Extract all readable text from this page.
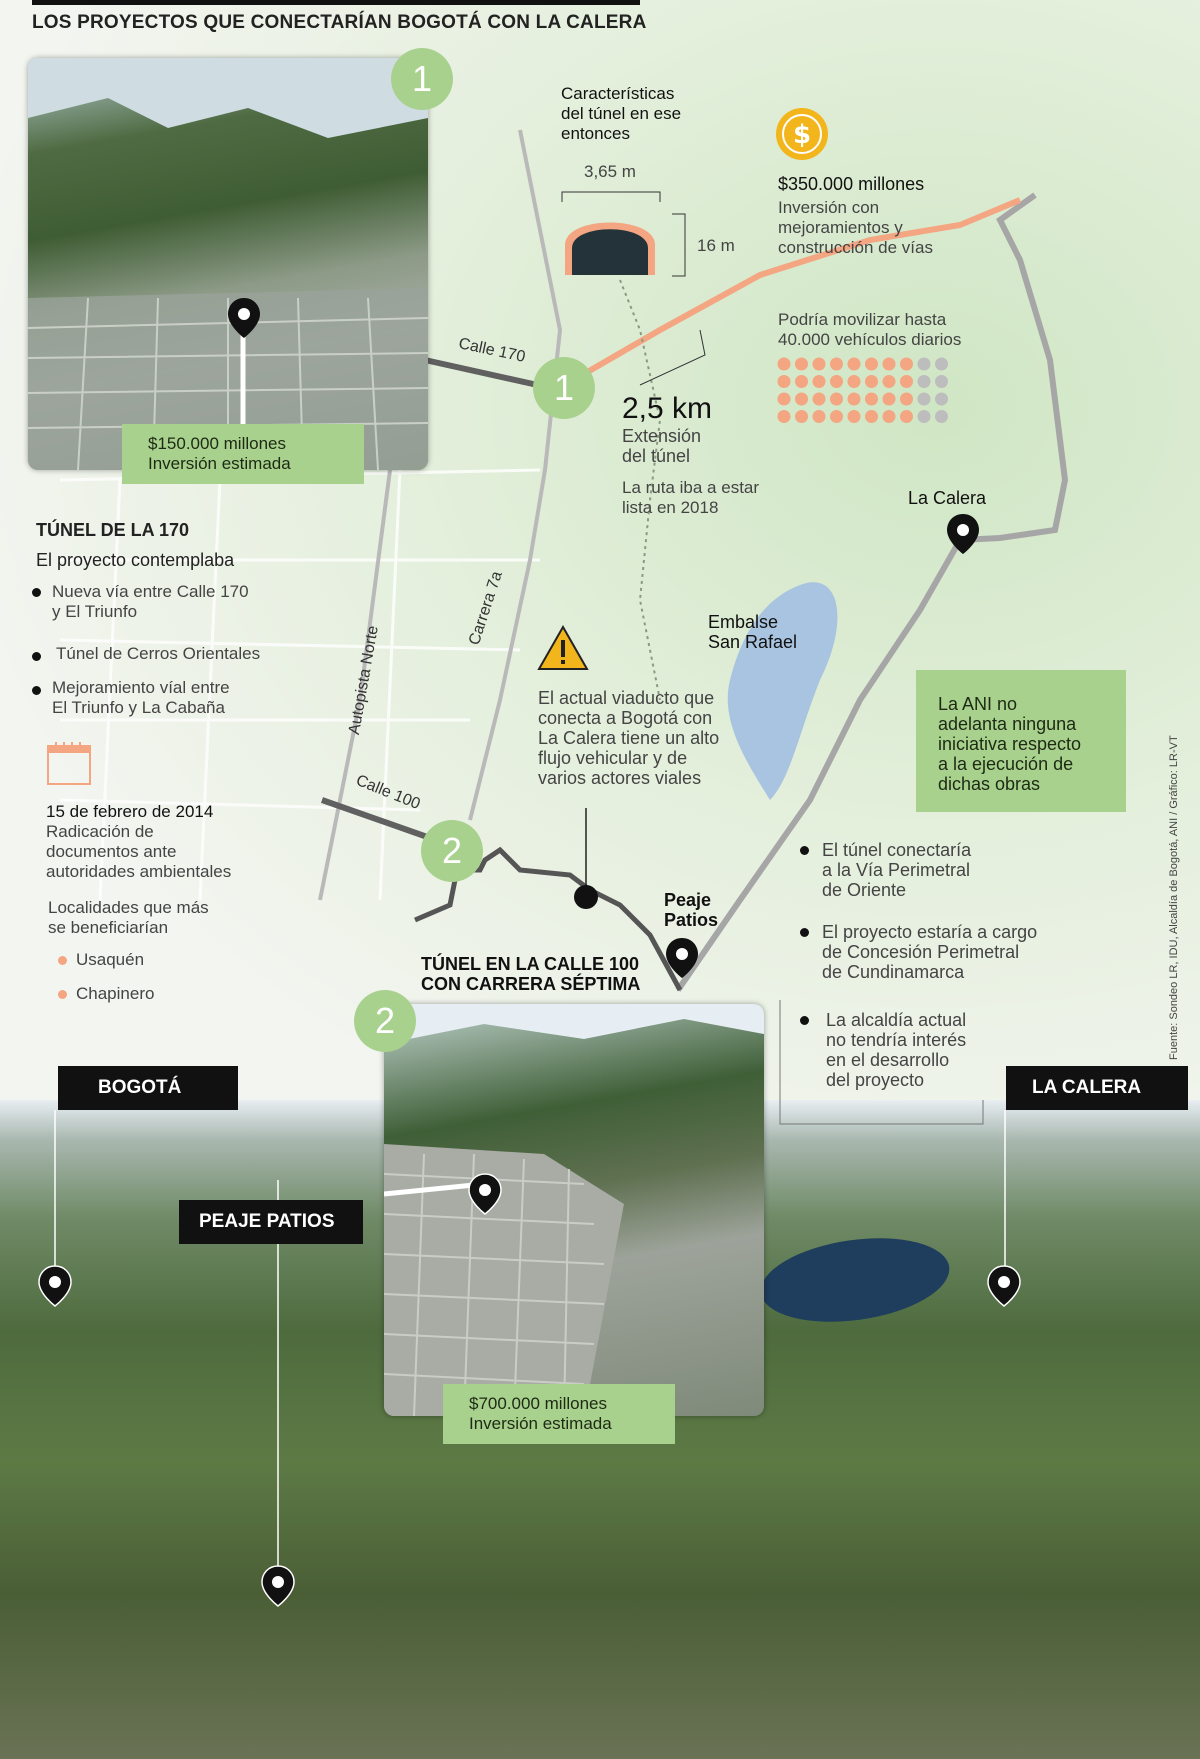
LOS PROYECTOS QUE CONECTARÍAN BOGOTÁ CON LA CALERA
1
$150.000 millones
Inversión estimada
1
2
TÚNEL DE LA 170
El proyecto contemplaba
Nueva vía entre Calle 170
y El Triunfo
Túnel de Cerros Orientales
Mejoramiento víal entre
El Triunfo y La Cabaña
15 de febrero de 2014
Radicación de
documentos ante
autoridades ambientales
Localidades que más
se beneficiarían
Usaquén
Chapinero
Características
del túnel en ese
entonces
3,65 m
16 m
$
$350.000 millones
Inversión con
mejoramientos y
construcción de vías
Podría movilizar hasta
40.000 vehículos diarios
2,5 km
Extensión
del túnel
La ruta iba a estar
lista en 2018
Calle 170
Calle 100
Carrera 7a
Autopista Norte
La Calera
Embalse
San Rafael
Peaje
Patios
TÚNEL EN LA CALLE 100
CON CARRERA SÉPTIMA
El actual viaducto que
conecta a Bogotá con
La Calera tiene un alto
flujo vehicular y de
varios actores viales
La ANI no
adelanta ninguna
iniciativa respecto
a la ejecución de
dichas obras
El túnel conectaría
a la Vía Perimetral
de Oriente
El proyecto estaría a cargo
de Concesión Perimetral
de Cundinamarca
La alcaldía actual
no tendría interés
en el desarrollo
del proyecto
BOGOTÁ	LA CALERA
PEAJE PATIOS
2
$700.000 millones
Inversión estimada
Fuente: Sondeo LR, IDU, Alcaldía de Bogotá, ANI / Gráfico: LR-VT
